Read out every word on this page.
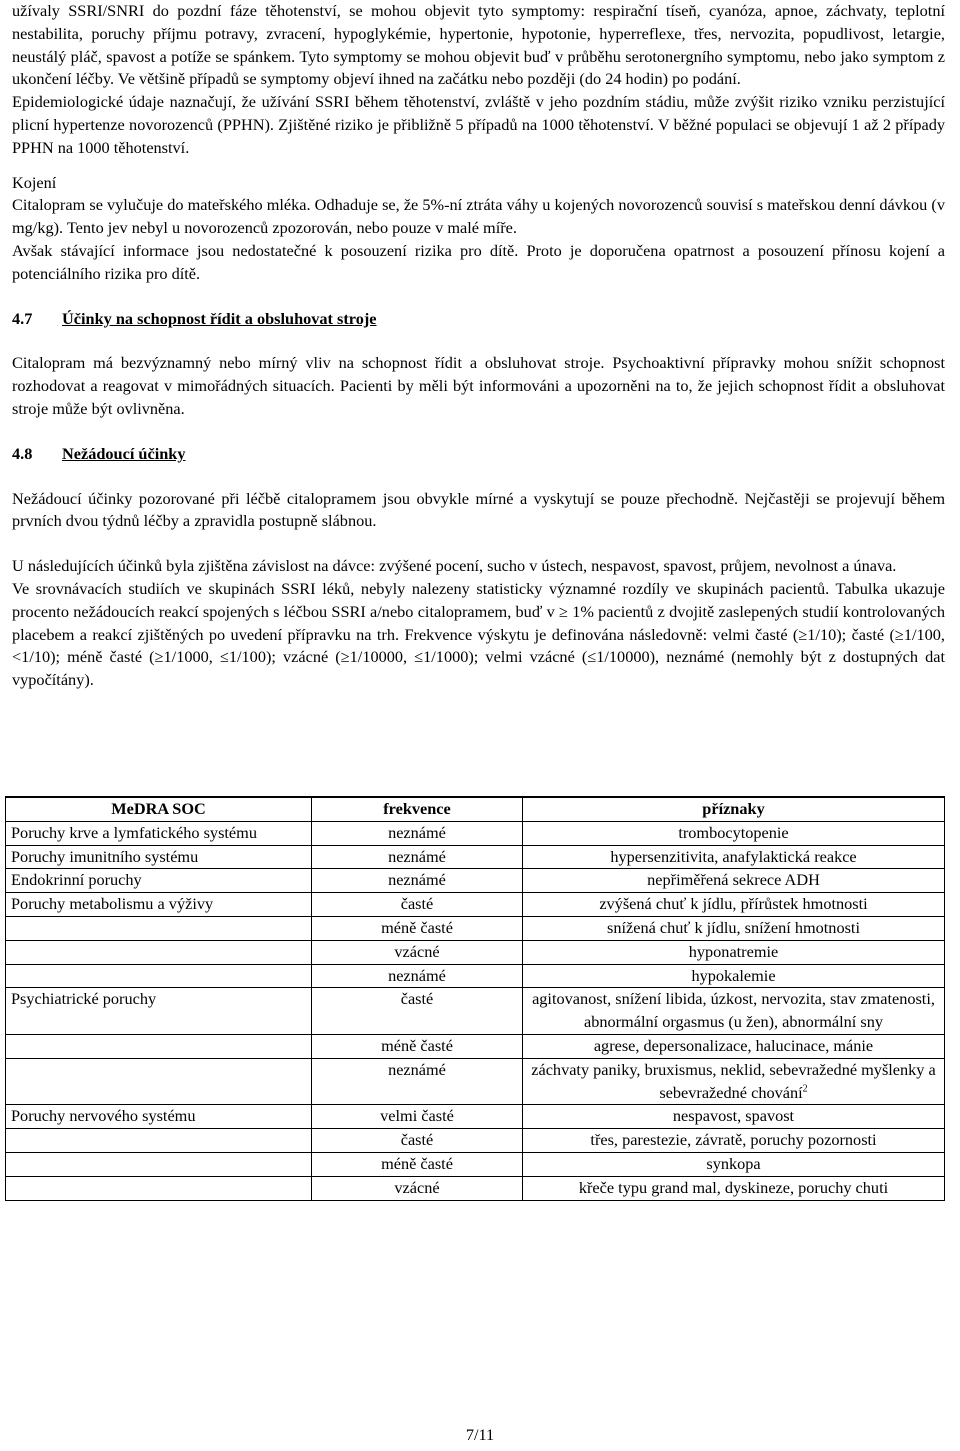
užívaly SSRI/SNRI do pozdní fáze těhotenství, se mohou objevit tyto symptomy: respirační tíseň, cyanóza, apnoe, záchvaty, teplotní nestabilita, poruchy příjmu potravy, zvracení, hypoglykémie, hypertonie, hypotonie, hyperreflexe, třes, nervozita, popudlivost, letargie, neustálý pláč, spavost a potíže se spánkem. Tyto symptomy se mohou objevit buď v průběhu serotonergního symptomu, nebo jako symptom z ukončení léčby. Ve většině případů se symptomy objeví ihned na začátku nebo později (do 24 hodin) po podání.

Epidemiologické údaje naznačují, že užívání SSRI během těhotenství, zvláště v jeho pozdním stádiu, může zvýšit riziko vzniku perzistující plicní hypertenze novorozenců (PPHN). Zjištěné riziko je přibližně 5 případů na 1000 těhotenství. V běžné populaci se objevují 1 až 2 případy PPHN na 1000 těhotenství.

Kojení

Citalopram se vylučuje do mateřského mléka. Odhaduje se, že 5%-ní ztráta váhy u kojených novorozenců souvisí s mateřskou denní dávkou (v mg/kg). Tento jev nebyl u novorozenců zpozorován, nebo pouze v malé míře.

Avšak stávající informace jsou nedostatečné k posouzení rizika pro dítě. Proto je doporučena opatrnost a posouzení přínosu kojení a potenciálního rizika pro dítě.

4.7 Účinky na schopnost řídit a obsluhovat stroje

Citalopram má bezvýznamný nebo mírný vliv na schopnost řídit a obsluhovat stroje. Psychoaktivní přípravky mohou snížit schopnost rozhodovat a reagovat v mimořádných situacích. Pacienti by měli být informováni a upozorněni na to, že jejich schopnost řídit a obsluhovat stroje může být ovlivněna.

4.8 Nežádoucí účinky

Nežádoucí účinky pozorované při léčbě citalopramem jsou obvykle mírné a vyskytují se pouze přechodně. Nejčastěji se projevují během prvních dvou týdnů léčby a zpravidla postupně slábnou.

U následujících účinků byla zjištěna závislost na dávce: zvýšené pocení, sucho v ústech, nespavost, spavost, průjem, nevolnost a únava.

Ve srovnávacích studiích ve skupinách SSRI léků, nebyly nalezeny statisticky významné rozdíly ve skupinách pacientů. Tabulka ukazuje procento nežádoucích reakcí spojených s léčbou SSRI a/nebo citalopramem, buď v ≥ 1% pacientů z dvojitě zaslepených studií kontrolovaných placebem a reakcí zjištěných po uvedení přípravku na trh. Frekvence výskytu je definována následovně: velmi časté (≥1/10); časté (≥1/100, <1/10); méně časté (≥1/1000, ≤1/100); vzácné (≥1/10000, ≤1/1000); velmi vzácné (≤1/10000), neznámé (nemohly být z dostupných dat vypočítány).

MeDRA SOC	frekvence	příznaky
Poruchy krve a lymfatického systému	neznámé	trombocytopenie
Poruchy imunitního systému	neznámé	hypersenzitivita, anafylaktická reakce
Endokrinní poruchy	neznámé	nepřiměřená sekrece ADH
Poruchy metabolismu a výživy	časté	zvýšená chuť k jídlu, přírůstek hmotnosti
	méně časté	snížená chuť k jídlu, snížení hmotnosti
	vzácné	hyponatremie
	neznámé	hypokalemie
Psychiatrické poruchy	časté	agitovanost, snížení libida, úzkost, nervozita, stav zmatenosti, abnormální orgasmus (u žen), abnormální sny
	méně časté	agrese, depersonalizace, halucinace, mánie
	neznámé	záchvaty paniky, bruxismus, neklid, sebevražedné myšlenky a sebevražedné chování$^2$
Poruchy nervového systému	velmi časté	nespavost, spavost
	časté	třes, parestezie, závratě, poruchy pozornosti
	méně časté	synkopa
	vzácné	křeče typu grand mal, dyskineze, poruchy chuti
7/11
